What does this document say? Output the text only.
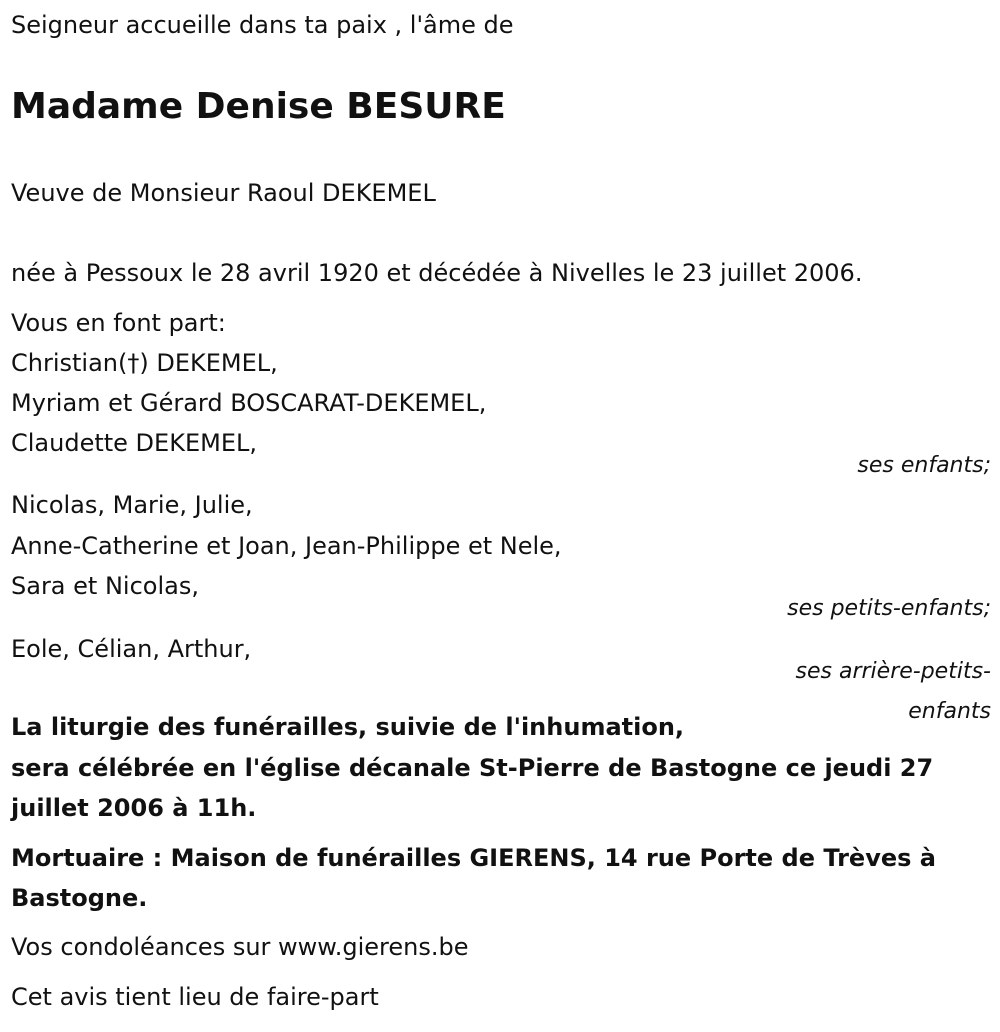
Seigneur accueille dans ta paix , l'âme de

Madame Denise BESURE

Veuve de Monsieur Raoul DEKEMEL

née à Pessoux le 28 avril 1920 et décédée à Nivelles le 23 juillet 2006.

Vous en font part:

Christian(†) DEKEMEL,

Myriam et Gérard BOSCARAT-DEKEMEL,

Claudette DEKEMEL,

ses enfants;

Nicolas, Marie, Julie,

Anne-Catherine et Joan, Jean-Philippe et Nele,

Sara et Nicolas,

ses petits-enfants;

Eole, Célian, Arthur,

ses arrière-petits-
enfants

La liturgie des funérailles, suivie de l'inhumation,

sera célébrée en l'église décanale St-Pierre de Bastogne ce jeudi 27

juillet 2006 à 11h.

Mortuaire : Maison de funérailles GIERENS, 14 rue Porte de Trèves à

Bastogne.

Vos condoléances sur www.gierens.be

Cet avis tient lieu de faire-part
